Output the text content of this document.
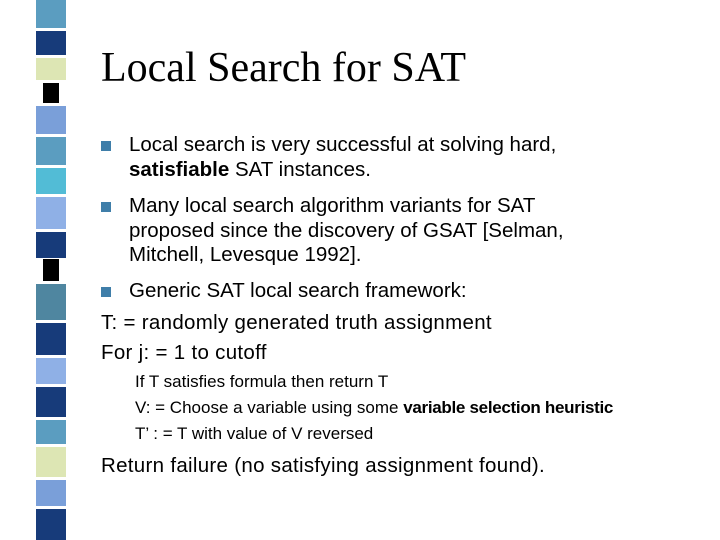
Local Search for SAT
Local search is very successful at solving hard,
satisfiable SAT instances.
Many local search algorithm variants for SAT
proposed since the discovery of GSAT [Selman,
Mitchell, Levesque 1992].
Generic SAT local search framework:
T: = randomly generated truth assignment
For j: = 1 to cutoff
If T satisfies formula then return T
V: = Choose a variable using some variable selection heuristic
T’ : = T with value of V reversed
Return failure (no satisfying assignment found).
